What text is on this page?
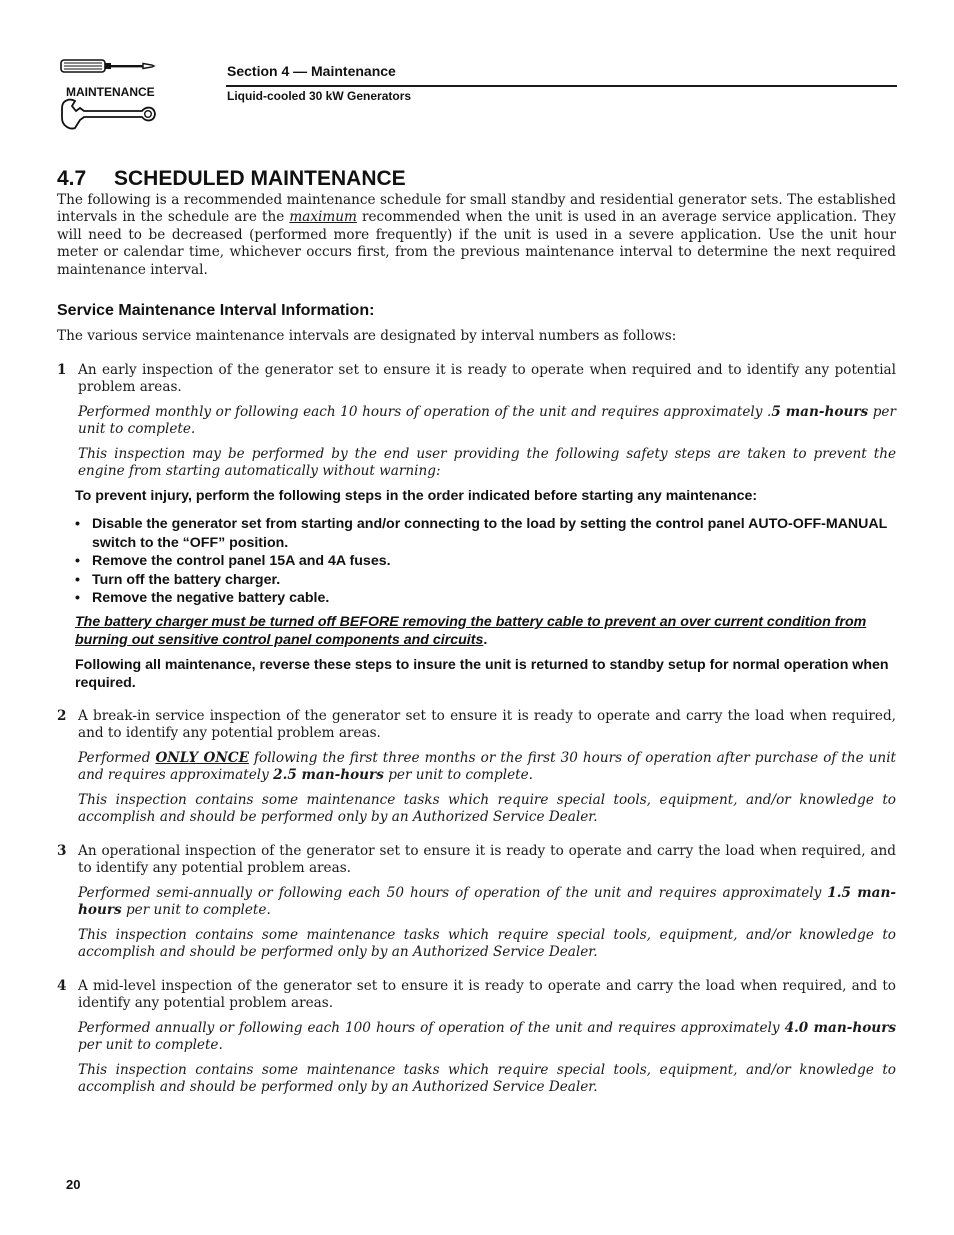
MAINTENANCE
Section 4 — Maintenance
Liquid-cooled 30 kW Generators
4.7 SCHEDULED MAINTENANCE
The following is a recommended maintenance schedule for small standby and residential generator sets. The established intervals in the schedule are the maximum recommended when the unit is used in an average service application. They will need to be decreased (performed more frequently) if the unit is used in a severe application. Use the unit hour meter or calendar time, whichever occurs first, from the previous maintenance interval to determine the next required maintenance interval.
Service Maintenance Interval Information:
The various service maintenance intervals are designated by interval numbers as follows:
1 An early inspection of the generator set to ensure it is ready to operate when required and to identify any potential problem areas.
Performed monthly or following each 10 hours of operation of the unit and requires approximately .5 man-hours per unit to complete.
This inspection may be performed by the end user providing the following safety steps are taken to prevent the engine from starting automatically without warning:
To prevent injury, perform the following steps in the order indicated before starting any maintenance:
• Disable the generator set from starting and/or connecting to the load by setting the control panel AUTO-OFF-MANUAL switch to the “OFF” position.
• Remove the control panel 15A and 4A fuses.
• Turn off the battery charger.
• Remove the negative battery cable.
The battery charger must be turned off BEFORE removing the battery cable to prevent an over current condition from burning out sensitive control panel components and circuits.
Following all maintenance, reverse these steps to insure the unit is returned to standby setup for normal operation when required.
2 A break-in service inspection of the generator set to ensure it is ready to operate and carry the load when required, and to identify any potential problem areas.
Performed ONLY ONCE following the first three months or the first 30 hours of operation after purchase of the unit and requires approximately 2.5 man-hours per unit to complete.
This inspection contains some maintenance tasks which require special tools, equipment, and/or knowledge to accomplish and should be performed only by an Authorized Service Dealer.
3 An operational inspection of the generator set to ensure it is ready to operate and carry the load when required, and to identify any potential problem areas.
Performed semi-annually or following each 50 hours of operation of the unit and requires approximately 1.5 man-hours per unit to complete.
This inspection contains some maintenance tasks which require special tools, equipment, and/or knowledge to accomplish and should be performed only by an Authorized Service Dealer.
4 A mid-level inspection of the generator set to ensure it is ready to operate and carry the load when required, and to identify any potential problem areas.
Performed annually or following each 100 hours of operation of the unit and requires approximately 4.0 man-hours per unit to complete.
This inspection contains some maintenance tasks which require special tools, equipment, and/or knowledge to accomplish and should be performed only by an Authorized Service Dealer.
20
